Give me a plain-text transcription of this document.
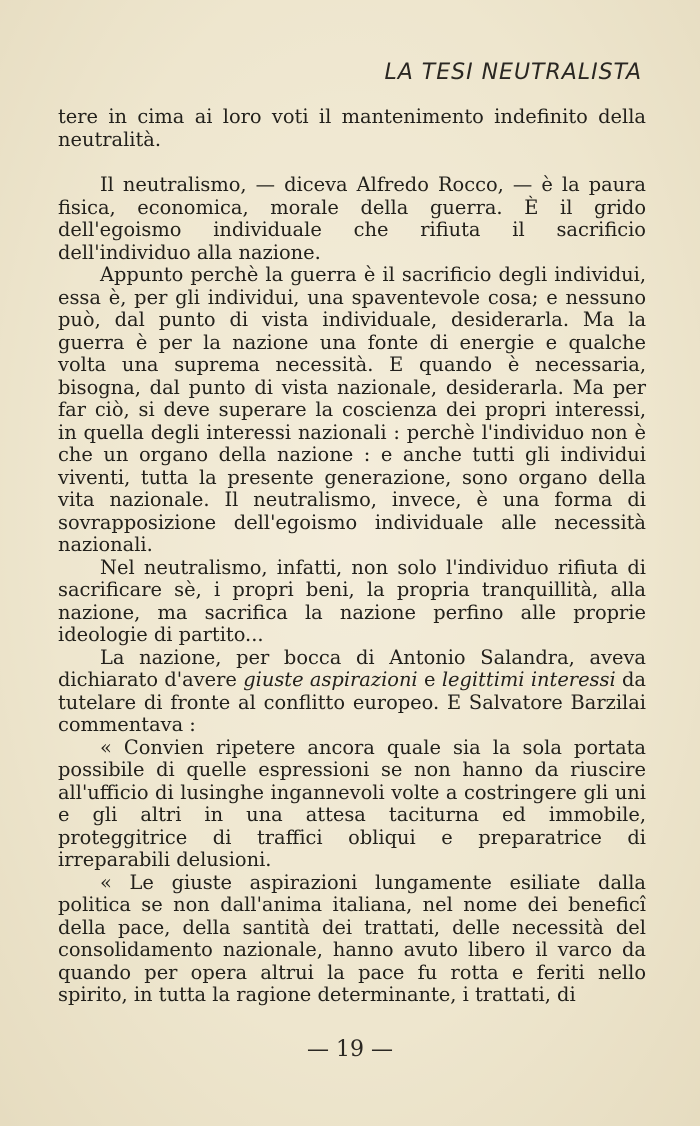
LA TESI NEUTRALISTA

tere in cima ai loro voti il mantenimento indefinito della neutralità.

Il neutralismo, — diceva Alfredo Rocco, — è la paura fisica, economica, morale della guerra. È il grido dell'egoismo individuale che rifiuta il sacrificio dell'individuo alla nazione.

Appunto perchè la guerra è il sacrificio degli individui, essa è, per gli individui, una spaventevole cosa; e nessuno può, dal punto di vista individuale, desiderarla. Ma la guerra è per la nazione una fonte di energie e qualche volta una suprema necessità. E quando è necessaria, bisogna, dal punto di vista nazionale, desiderarla. Ma per far ciò, si deve superare la coscienza dei propri interessi, in quella degli interessi nazionali : perchè l'individuo non è che un organo della nazione : e anche tutti gli individui viventi, tutta la presente generazione, sono organo della vita nazionale. Il neutralismo, invece, è una forma di sovrapposizione dell'egoismo individuale alle necessità nazionali.

Nel neutralismo, infatti, non solo l'individuo rifiuta di sacrificare sè, i propri beni, la propria tranquillità, alla nazione, ma sacrifica la nazione perfino alle proprie ideologie di partito...

La nazione, per bocca di Antonio Salandra, aveva dichiarato d'avere giuste aspirazioni e legittimi interessi da tutelare di fronte al conflitto europeo. E Salvatore Barzilai commentava :

« Convien ripetere ancora quale sia la sola portata possibile di quelle espressioni se non hanno da riuscire all'ufficio di lusinghe ingannevoli volte a costringere gli uni e gli altri in una attesa taciturna ed immobile, proteggitrice di traffici obliqui e preparatrice di irreparabili delusioni.

« Le giuste aspirazioni lungamente esiliate dalla politica se non dall'anima italiana, nel nome dei beneficî della pace, della santità dei trattati, delle necessità del consolidamento nazionale, hanno avuto libero il varco da quando per opera altrui la pace fu rotta e feriti nello spirito, in tutta la ragione determinante, i trattati, di

— 19 —
